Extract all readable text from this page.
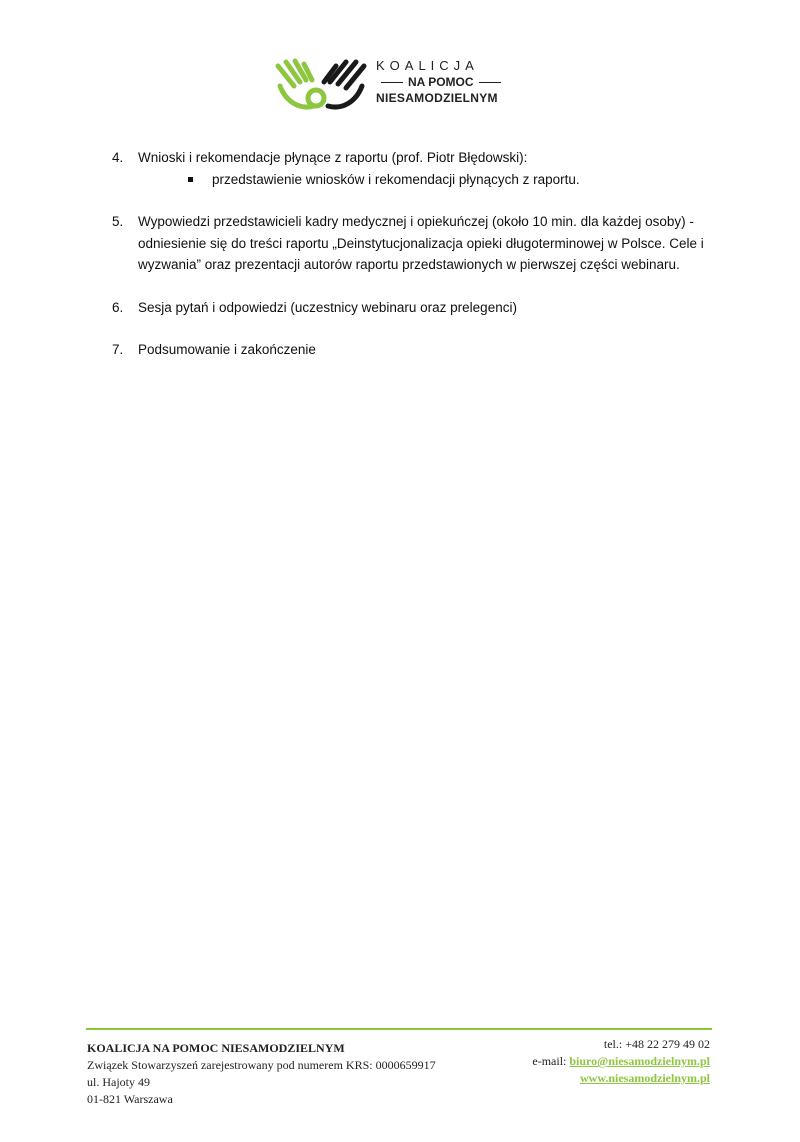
KOALICJA
NA POMOC
NIESAMODZIELNYM
4. Wnioski i rekomendacje płynące z raportu (prof. Piotr Błędowski):
przedstawienie wniosków i rekomendacji płynących z raportu.
5. Wypowiedzi przedstawicieli kadry medycznej i opiekuńczej (około 10 min. dla każdej osoby) - odniesienie się do treści raportu „Deinstytucjonalizacja opieki długoterminowej w Polsce. Cele i wyzwania” oraz prezentacji autorów raportu przedstawionych w pierwszej części webinaru.
6. Sesja pytań i odpowiedzi (uczestnicy webinaru oraz prelegenci)
7. Podsumowanie i zakończenie
KOALICJA NA POMOC NIESAMODZIELNYM
Związek Stowarzyszeń zarejestrowany pod numerem KRS: 0000659917
ul. Hajoty 49
01-821 Warszawa
tel.: +48 22 279 49 02
e-mail: biuro@niesamodzielnym.pl
www.niesamodzielnym.pl
